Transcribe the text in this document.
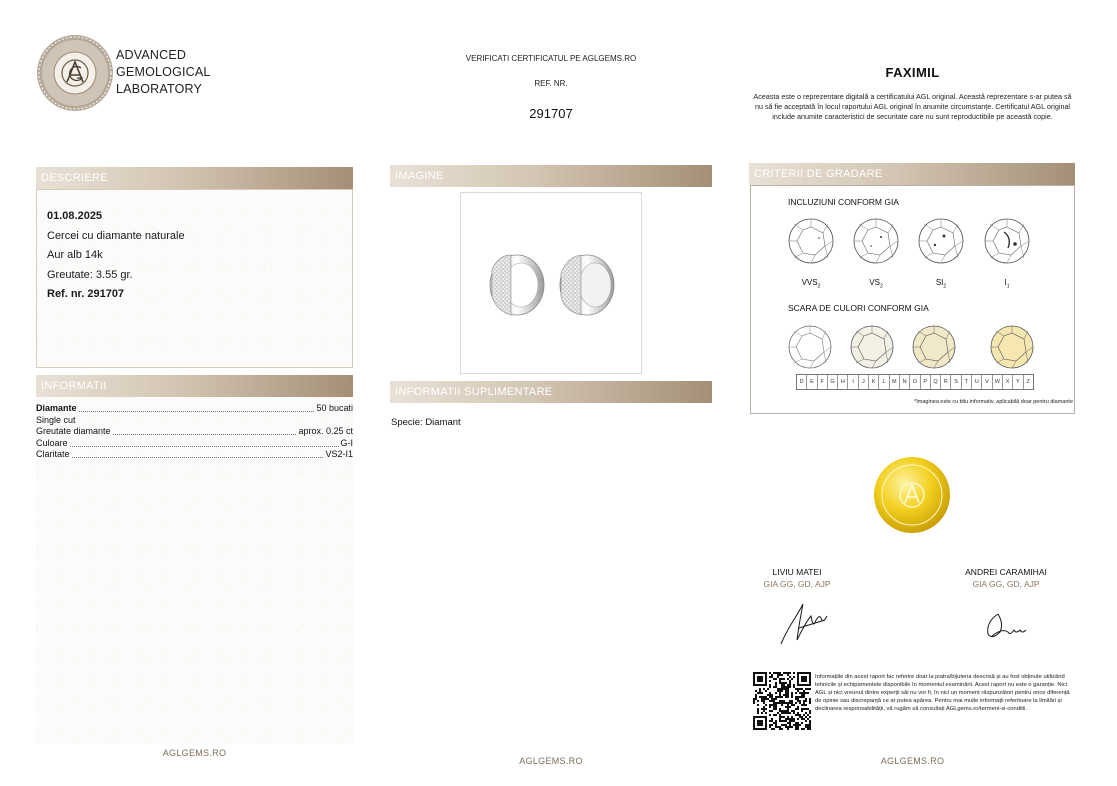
ADVANCED
GEMOLOGICAL
LABORATORY
VERIFICATI CERTIFICATUL PE AGLGEMS.RO
REF. NR.
291707
FAXIMIL
Aceasta este o reprezentare digitală a certificatului AGL original. Această reprezentare s-ar putea să nu să fie acceptată în locul raportului AGL original în anumite circumstanțe. Certificatul AGL original include anumite caracteristici de securitate care nu sunt reproductibile pe această copie.
DESCRIERE
01.08.2025
Cercei cu diamante naturale
Aur alb 14k
Greutate: 3.55 gr.
Ref. nr. 291707
INFORMATII
Diamante	50 bucati
Single cut
Greutate diamante	aprox. 0.25 ct
Culoare	G-I
Claritate	VS2-I1
AGLGEMS.RO
IMAGINE
INFORMATII SUPLIMENTARE
Specie: Diamant
AGLGEMS.RO
CRITERII DE GRADARE
INCLUZIUNI CONFORM GIA
$VVS_2$	$VS_2$	$SI_2$	$I_1$
SCARA DE CULORI CONFORM GIA
D	E	F	G	H	I	J	K	L	M	N	O	P	Q	R	S	T	U	V	W	X	Y	Z
*Imaginea este cu titlu informativ, aplicabilă doar pentru diamante
LIVIU MATEI
GIA GG, GD, AJP
ANDREI CARAMIHAI
GIA GG, GD, AJP
Informațiile din acest raport fac referire doar la piatra/bijuteria descrisă și au fost obținute utilizând tehnicile și echipamentele disponibile în momentul examinării. Acest raport nu este o garanție. Nici AGL și nici vreunul dintre experții săi nu vor fi, în nici un moment răspunzători pentru orice diferență de opinie sau discrepanță ce ar putea apărea. Pentru mai multe informații referitoare la limitări și declinarea responsabilității, vă rugăm să consultați AGLgems.ro/termeni-si-conditii.
AGLGEMS.RO
